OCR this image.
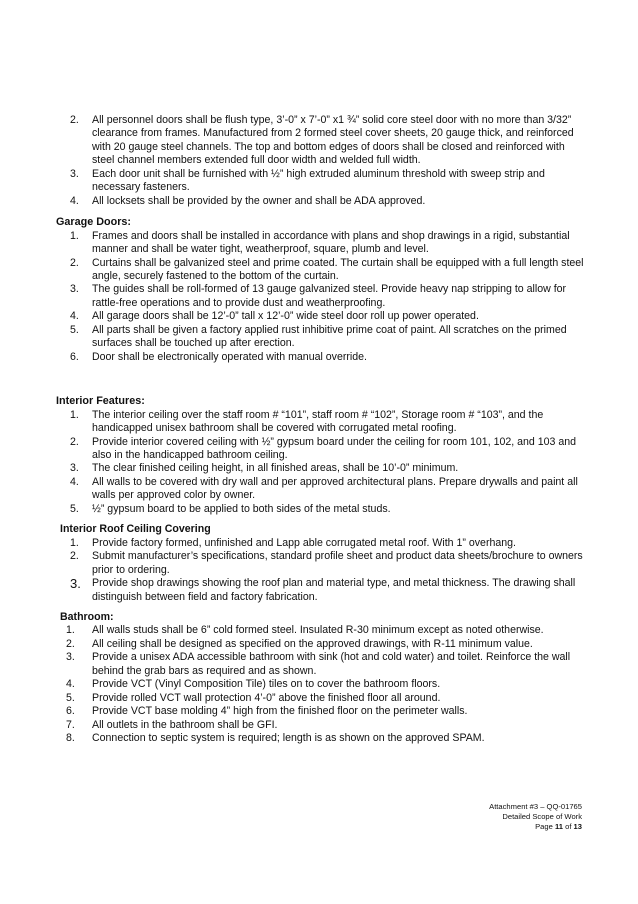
2. All personnel doors shall be flush type, 3’-0” x 7’-0” x1 ¾” solid core steel door with no more than 3/32” clearance from frames. Manufactured from 2 formed steel cover sheets, 20 gauge thick, and reinforced with 20 gauge steel channels. The top and bottom edges of doors shall be closed and reinforced with steel channel members extended full door width and welded full width.
3. Each door unit shall be furnished with ½” high extruded aluminum threshold with sweep strip and necessary fasteners.
4. All locksets shall be provided by the owner and shall be ADA approved.
Garage Doors:
1. Frames and doors shall be installed in accordance with plans and shop drawings in a rigid, substantial manner and shall be water tight, weatherproof, square, plumb and level.
2. Curtains shall be galvanized steel and prime coated. The curtain shall be equipped with a full length steel angle, securely fastened to the bottom of the curtain.
3. The guides shall be roll-formed of 13 gauge galvanized steel. Provide heavy nap stripping to allow for rattle-free operations and to provide dust and weatherproofing.
4. All garage doors shall be 12’-0” tall x 12’-0” wide steel door roll up power operated.
5. All parts shall be given a factory applied rust inhibitive prime coat of paint. All scratches on the primed surfaces shall be touched up after erection.
6. Door shall be electronically operated with manual override.
Interior Features:
1. The interior ceiling over the staff room # “101”, staff room # “102”, Storage room # “103”, and the handicapped unisex bathroom shall be covered with corrugated metal roofing.
2. Provide interior covered ceiling with ½” gypsum board under the ceiling for room 101, 102, and 103 and also in the handicapped bathroom ceiling.
3. The clear finished ceiling height, in all finished areas, shall be 10’-0” minimum.
4. All walls to be covered with dry wall and per approved architectural plans. Prepare drywalls and paint all walls per approved color by owner.
5. ½” gypsum board to be applied to both sides of the metal studs.
Interior Roof Ceiling Covering
1. Provide factory formed, unfinished and Lapp able corrugated metal roof. With 1” overhang.
2. Submit manufacturer’s specifications, standard profile sheet and product data sheets/brochure to owners prior to ordering.
3. Provide shop drawings showing the roof plan and material type, and metal thickness. The drawing shall distinguish between field and factory fabrication.
Bathroom:
1. All walls studs shall be 6” cold formed steel. Insulated R-30 minimum except as noted otherwise.
2. All ceiling shall be designed as specified on the approved drawings, with R-11 minimum value.
3. Provide a unisex ADA accessible bathroom with sink (hot and cold water) and toilet. Reinforce the wall behind the grab bars as required and as shown.
4. Provide VCT (Vinyl Composition Tile) tiles on to cover the bathroom floors.
5. Provide rolled VCT wall protection 4’-0” above the finished floor all around.
6. Provide VCT base molding 4” high from the finished floor on the perimeter walls.
7. All outlets in the bathroom shall be GFI.
8. Connection to septic system is required; length is as shown on the approved SPAM.
Attachment #3 – QQ-01765
Detailed Scope of Work
Page 11 of 13
